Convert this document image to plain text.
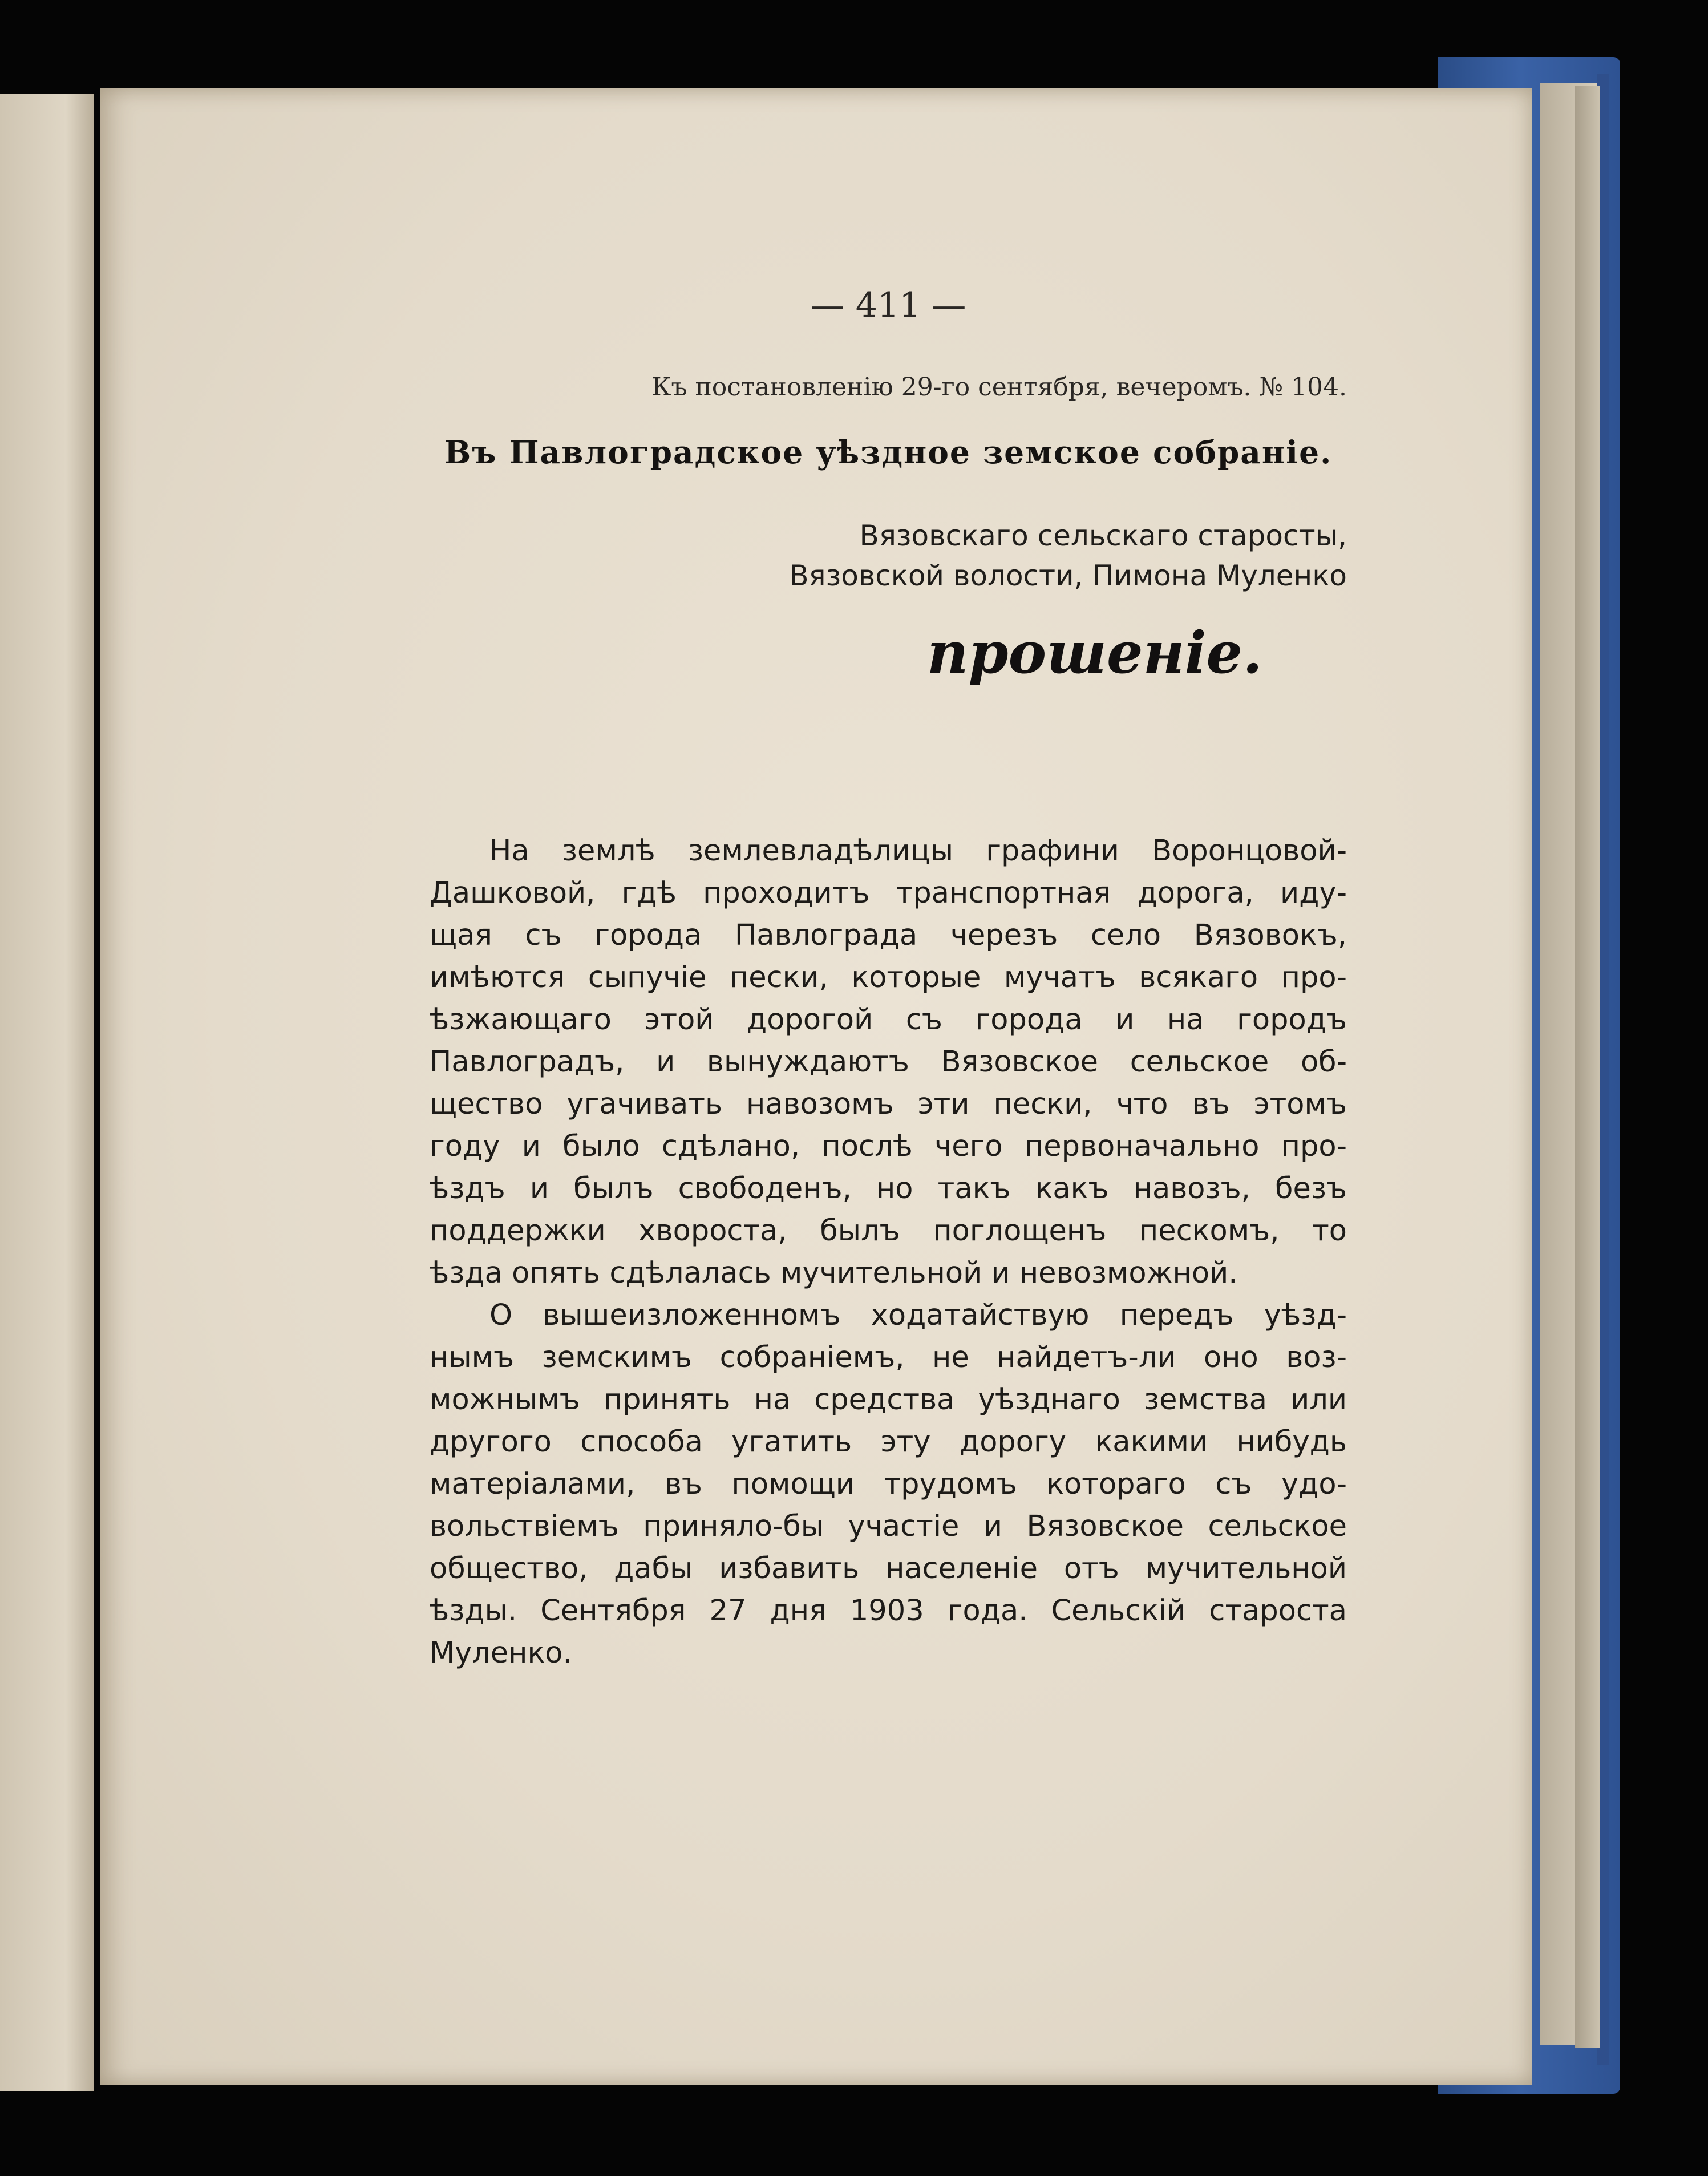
— 411 —
Къ постановленію 29-го сентября, вечеромъ. № 104.
Въ Павлоградское уѣздное земское собраніе.
Вязовскаго сельскаго старосты,
Вязовской волости, Пимона Муленко
прошеніе.
На землѣ землевладѣлицы графини Воронцовой-
Дашковой, гдѣ проходитъ транспортная дорога, иду-
щая съ города Павлограда черезъ село Вязовокъ,
имѣются сыпучіе пески, которые мучатъ всякаго про-
ѣзжающаго этой дорогой съ города и на городъ
Павлоградъ, и вынуждаютъ Вязовское сельское об-
щество угачивать навозомъ эти пески, что въ этомъ
году и было сдѣлано, послѣ чего первоначально про-
ѣздъ и былъ свободенъ, но такъ какъ навозъ, безъ
поддержки хвороста, былъ поглощенъ пескомъ, то
ѣзда опять сдѣлалась мучительной и невозможной.
О вышеизложенномъ ходатайствую передъ уѣзд-
нымъ земскимъ собраніемъ, не найдетъ-ли оно воз-
можнымъ принять на средства уѣзднаго земства или
другого способа угатить эту дорогу какими нибудь
матеріалами, въ помощи трудомъ котораго съ удо-
вольствіемъ приняло-бы участіе и Вязовское сельское
общество, дабы избавить населеніе отъ мучительной
ѣзды. Сентября 27 дня 1903 года. Сельскій староста
Муленко.
